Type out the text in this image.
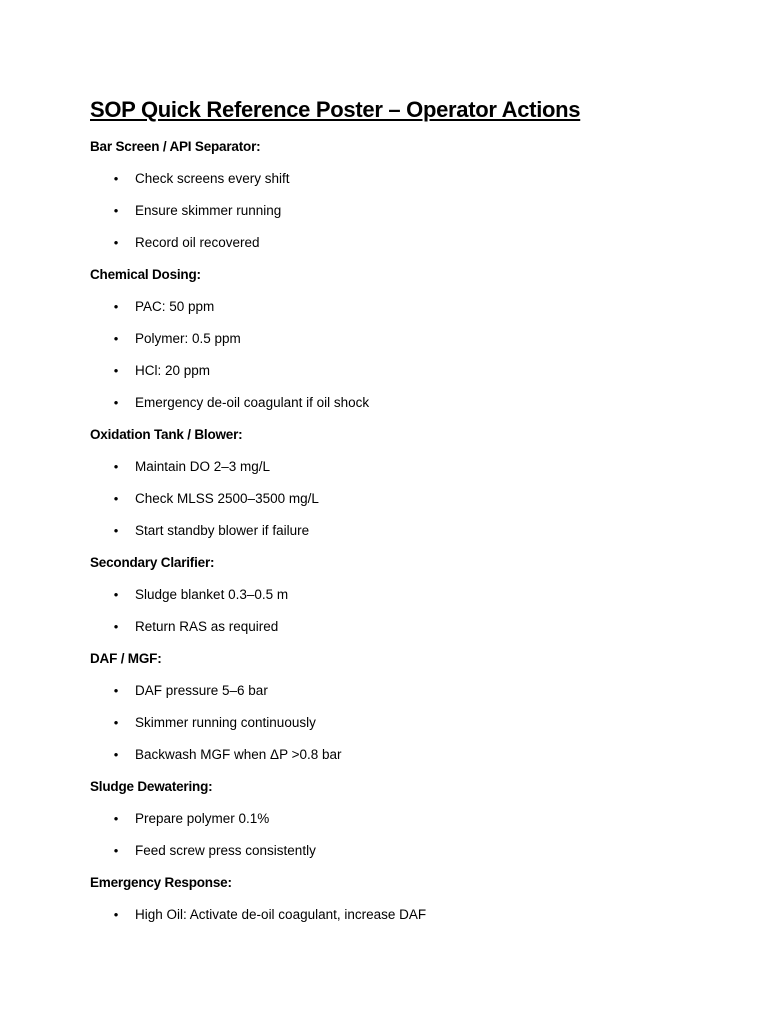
SOP Quick Reference Poster – Operator Actions
Bar Screen / API Separator:
• Check screens every shift
• Ensure skimmer running
• Record oil recovered
Chemical Dosing:
• PAC: 50 ppm
• Polymer: 0.5 ppm
• HCl: 20 ppm
• Emergency de-oil coagulant if oil shock
Oxidation Tank / Blower:
• Maintain DO 2–3 mg/L
• Check MLSS 2500–3500 mg/L
• Start standby blower if failure
Secondary Clarifier:
• Sludge blanket 0.3–0.5 m
• Return RAS as required
DAF / MGF:
• DAF pressure 5–6 bar
• Skimmer running continuously
• Backwash MGF when ΔP >0.8 bar
Sludge Dewatering:
• Prepare polymer 0.1%
• Feed screw press consistently
Emergency Response:
• High Oil: Activate de-oil coagulant, increase DAF
